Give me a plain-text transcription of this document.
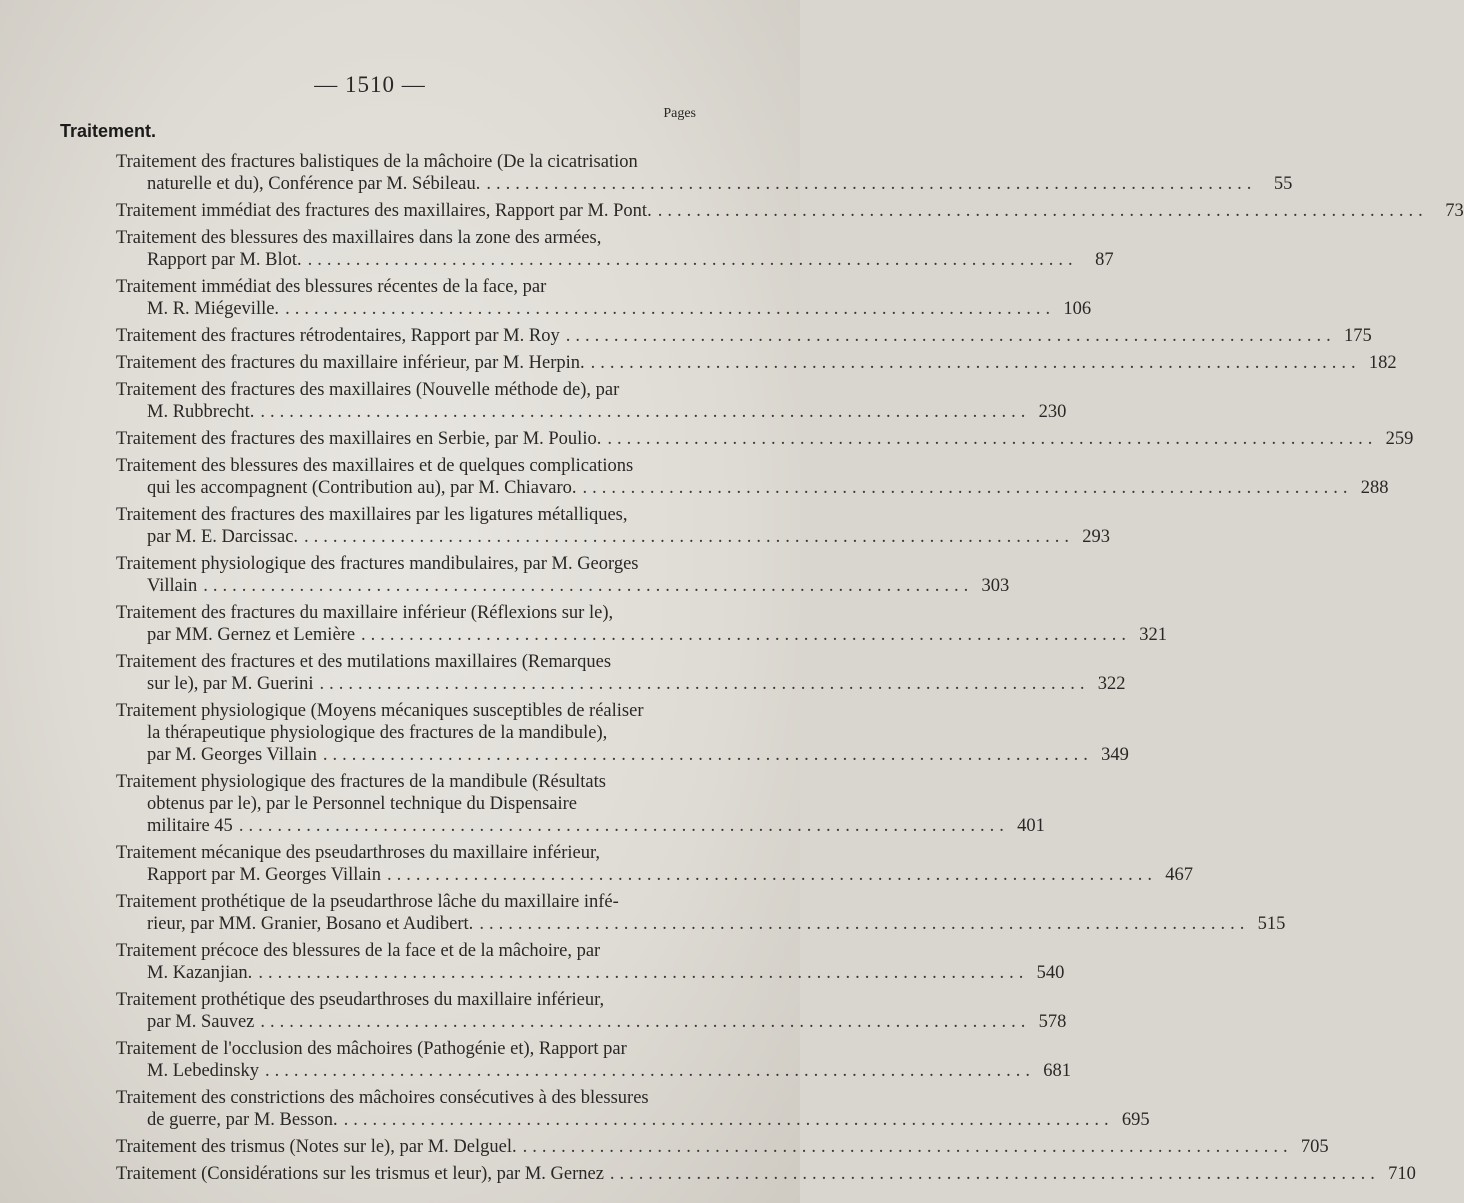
— 1510 —
Pages
Traitement.
Traitement des fractures balistiques de la mâchoire (De la cicatrisation
naturelle et du), Conférence par M. Sébileau. ................................................................................ 55
Traitement immédiat des fractures des maxillaires, Rapport par M. Pont. ................................................................................ 73
Traitement des blessures des maxillaires dans la zone des armées,
Rapport par M. Blot. ................................................................................ 87
Traitement immédiat des blessures récentes de la face, par
M. R. Miégeville. ................................................................................ 106
Traitement des fractures rétrodentaires, Rapport par M. Roy ................................................................................ 175
Traitement des fractures du maxillaire inférieur, par M. Herpin. ................................................................................ 182
Traitement des fractures des maxillaires (Nouvelle méthode de), par
M. Rubbrecht. ................................................................................ 230
Traitement des fractures des maxillaires en Serbie, par M. Poulio. ................................................................................ 259
Traitement des blessures des maxillaires et de quelques complications
qui les accompagnent (Contribution au), par M. Chiavaro. ................................................................................ 288
Traitement des fractures des maxillaires par les ligatures métalliques,
par M. E. Darcissac. ................................................................................ 293
Traitement physiologique des fractures mandibulaires, par M. Georges
Villain ................................................................................ 303
Traitement des fractures du maxillaire inférieur (Réflexions sur le),
par MM. Gernez et Lemière ................................................................................ 321
Traitement des fractures et des mutilations maxillaires (Remarques
sur le), par M. Guerini ................................................................................ 322
Traitement physiologique (Moyens mécaniques susceptibles de réaliser
la thérapeutique physiologique des fractures de la mandibule),
par M. Georges Villain ................................................................................ 349
Traitement physiologique des fractures de la mandibule (Résultats
obtenus par le), par le Personnel technique du Dispensaire
militaire 45 ................................................................................ 401
Traitement mécanique des pseudarthroses du maxillaire inférieur,
Rapport par M. Georges Villain ................................................................................ 467
Traitement prothétique de la pseudarthrose lâche du maxillaire infé-
rieur, par MM. Granier, Bosano et Audibert. ................................................................................ 515
Traitement précoce des blessures de la face et de la mâchoire, par
M. Kazanjian. ................................................................................ 540
Traitement prothétique des pseudarthroses du maxillaire inférieur,
par M. Sauvez ................................................................................ 578
Traitement de l'occlusion des mâchoires (Pathogénie et), Rapport par
M. Lebedinsky ................................................................................ 681
Traitement des constrictions des mâchoires consécutives à des blessures
de guerre, par M. Besson. ................................................................................ 695
Traitement des trismus (Notes sur le), par M. Delguel. ................................................................................ 705
Traitement (Considérations sur les trismus et leur), par M. Gernez ................................................................................ 710
